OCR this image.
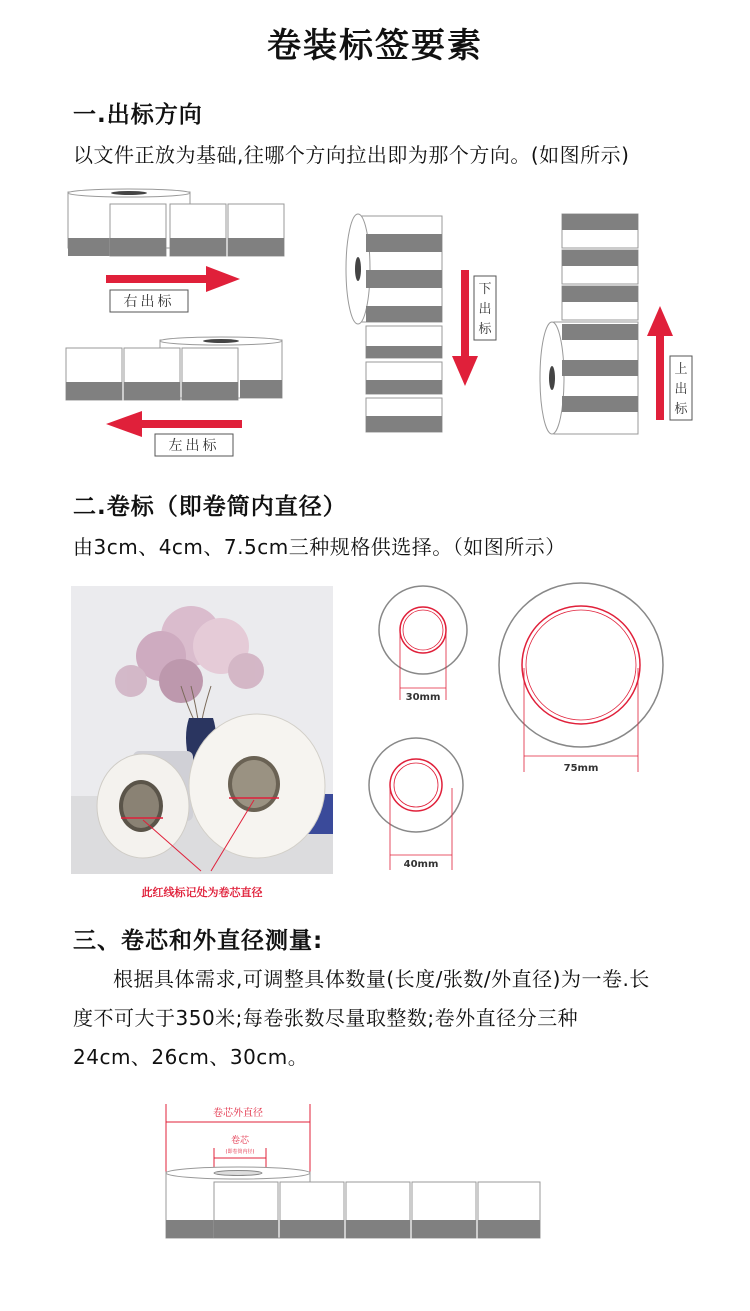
卷装标签要素
一.出标方向
以文件正放为基础,往哪个方向拉出即为那个方向。(如图所示)
右出标
左出标
下
出
标
上
出
标
二.卷标（即卷筒内直径）
由3cm、4cm、7.5cm三种规格供选择。（如图所示）
此红线标记处为卷芯直径
30mm
40mm
75mm
三、卷芯和外直径测量:
根据具体需求,可调整具体数量(长度/张数/外直径)为一卷.长度不可大于350米;每卷张数尽量取整数;卷外直径分三种24cm、26cm、30cm。
卷芯外直径
卷芯
(即卷筒内径)
